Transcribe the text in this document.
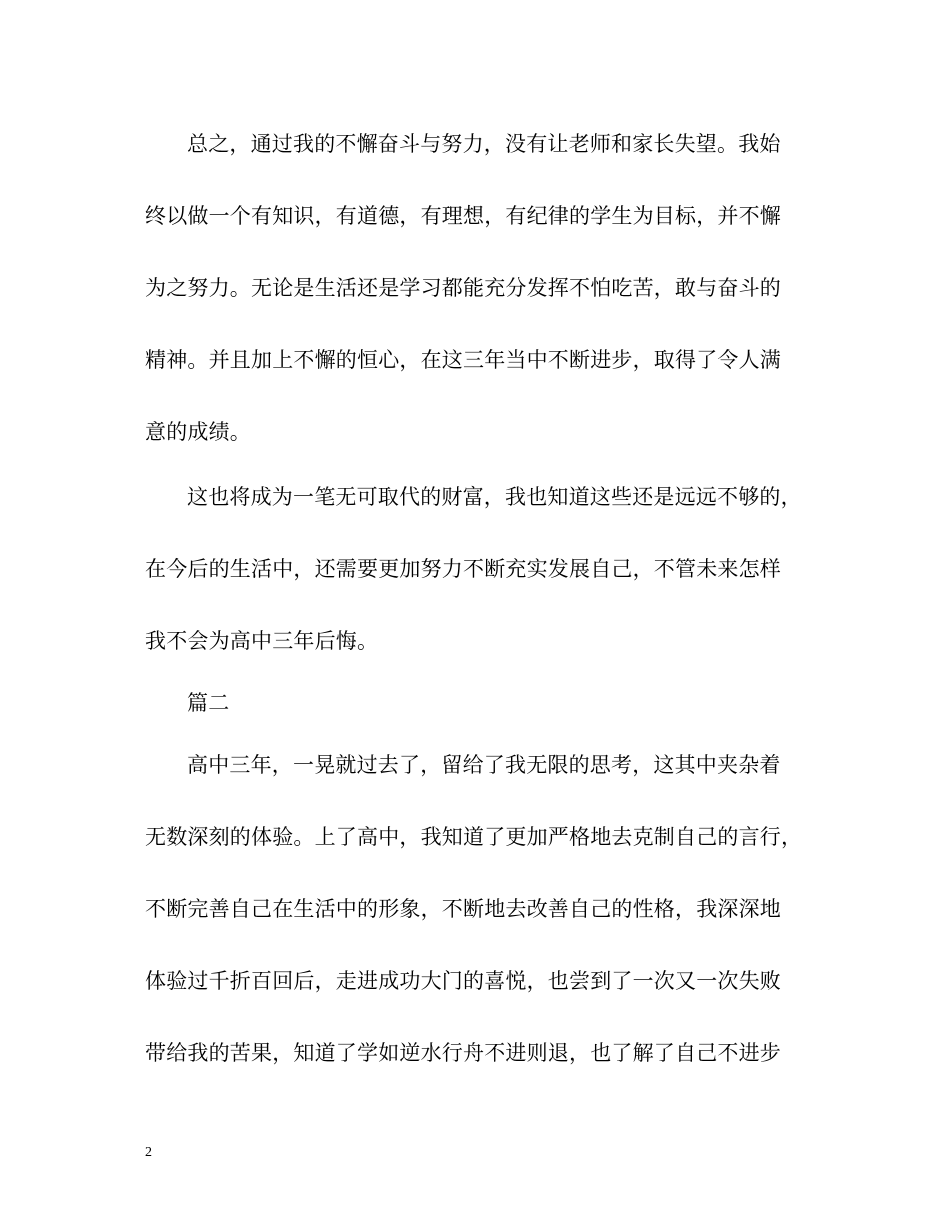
总之，通过我的不懈奋斗与努力，没有让老师和家长失望。我始
终以做一个有知识，有道德，有理想，有纪律的学生为目标，并不懈
为之努力。无论是生活还是学习都能充分发挥不怕吃苦，敢与奋斗的
精神。并且加上不懈的恒心，在这三年当中不断进步，取得了令人满
意的成绩。
这也将成为一笔无可取代的财富，我也知道这些还是远远不够的，
在今后的生活中，还需要更加努力不断充实发展自己，不管未来怎样
我不会为高中三年后悔。
篇二
高中三年，一晃就过去了，留给了我无限的思考，这其中夹杂着
无数深刻的体验。上了高中，我知道了更加严格地去克制自己的言行，
不断完善自己在生活中的形象，不断地去改善自己的性格，我深深地
体验过千折百回后，走进成功大门的喜悦，也尝到了一次又一次失败
带给我的苦果，知道了学如逆水行舟不进则退，也了解了自己不进步
2
